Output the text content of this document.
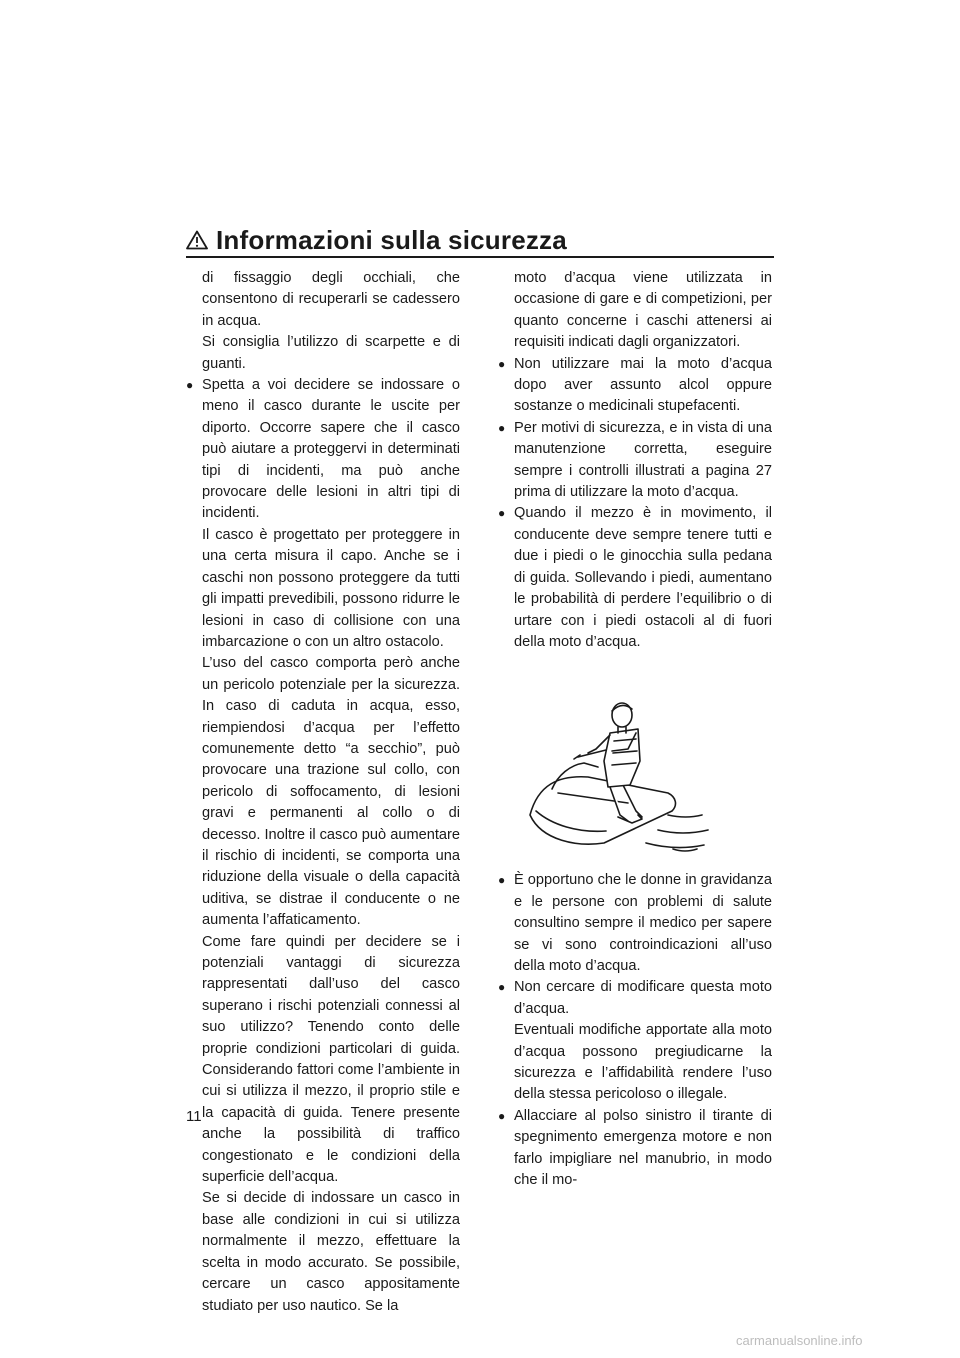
Informazioni sulla sicurezza

di fissaggio degli occhiali, che consentono di recuperarli se cadessero in acqua.

Si consiglia l’utilizzo di scarpette e di guanti.

● Spetta a voi decidere se indossare o meno il casco durante le uscite per diporto. Occorre sapere che il casco può aiutare a proteggervi in determinati tipi di incidenti, ma può anche provocare delle lesioni in altri tipi di incidenti.

Il casco è progettato per proteggere in una certa misura il capo. Anche se i caschi non possono proteggere da tutti gli impatti prevedibili, possono ridurre le lesioni in caso di collisione con una imbarcazione o con un altro ostacolo.

L’uso del casco comporta però anche un pericolo potenziale per la sicurezza. In caso di caduta in acqua, esso, riempiendosi d’acqua per l’effetto comunemente detto “a secchio”, può provocare una trazione sul collo, con pericolo di soffocamento, di lesioni gravi e permanenti al collo o di decesso. Inoltre il casco può aumentare il rischio di incidenti, se comporta una riduzione della visuale o della capacità uditiva, se distrae il conducente o ne aumenta l’affaticamento.

Come fare quindi per decidere se i potenziali vantaggi di sicurezza rappresentati dall’uso del casco superano i rischi potenziali connessi al suo utilizzo? Tenendo conto delle proprie condizioni particolari di guida. Considerando fattori come l’ambiente in cui si utilizza il mezzo, il proprio stile e la capacità di guida. Tenere presente anche la possibilità di traffico congestionato e le condizioni della superficie dell’acqua.

Se si decide di indossare un casco in base alle condizioni in cui si utilizza normalmente il mezzo, effettuare la scelta in modo accurato. Se possibile, cercare un casco appositamente studiato per uso nautico. Se la

moto d’acqua viene utilizzata in occasione di gare e di competizioni, per quanto concerne i caschi attenersi ai requisiti indicati dagli organizzatori.

● Non utilizzare mai la moto d’acqua dopo aver assunto alcol oppure sostanze o medicinali stupefacenti.

● Per motivi di sicurezza, e in vista di una manutenzione corretta, eseguire sempre i controlli illustrati a pagina 27 prima di utilizzare la moto d’acqua.

● Quando il mezzo è in movimento, il conducente deve sempre tenere tutti e due i piedi o le ginocchia sulla pedana di guida. Sollevando i piedi, aumentano le probabilità di perdere l’equilibrio o di urtare con i piedi ostacoli al di fuori della moto d’acqua.

● È opportuno che le donne in gravidanza e le persone con problemi di salute consultino sempre il medico per sapere se vi sono controindicazioni all’uso della moto d’acqua.

● Non cercare di modificare questa moto d’acqua.

Eventuali modifiche apportate alla moto d’acqua possono pregiudicarne la sicurezza e l’affidabilità rendere l’uso della stessa pericoloso o illegale.

● Allacciare al polso sinistro il tirante di spegnimento emergenza motore e non farlo impigliare nel manubrio, in modo che il mo-

11
carmanualsonline.info
